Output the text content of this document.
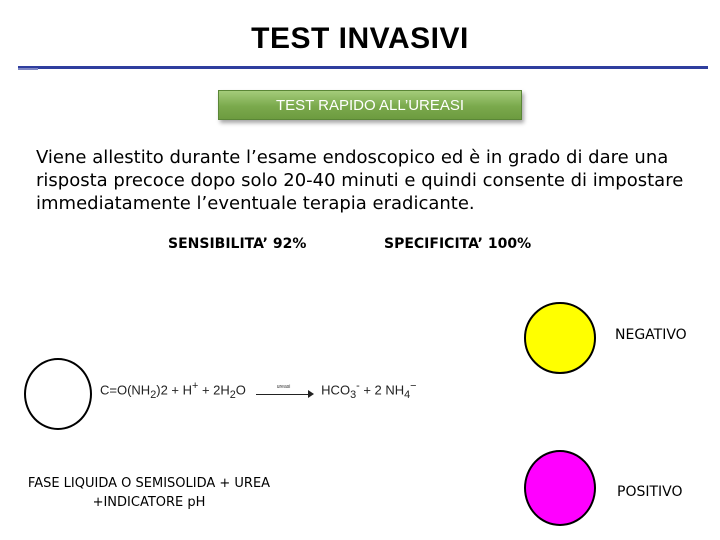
TEST INVASIVI
TEST RAPIDO ALL’UREASI
Viene allestito durante l’esame endoscopico ed è in grado di dare una risposta precoce dopo solo 20-40 minuti e quindi consente di impostare immediatamente l’eventuale terapia eradicante.
SENSIBILITA’ 92%	SPECIFICITA’ 100%
NEGATIVO
$C=O(NH_2)2 + H^+ + 2H_2O$	ureasi	$HCO_3^- + 2$ $NH_4^-$
FASE LIQUIDA O SEMISOLIDA + UREA +INDICATORE pH
POSITIVO
